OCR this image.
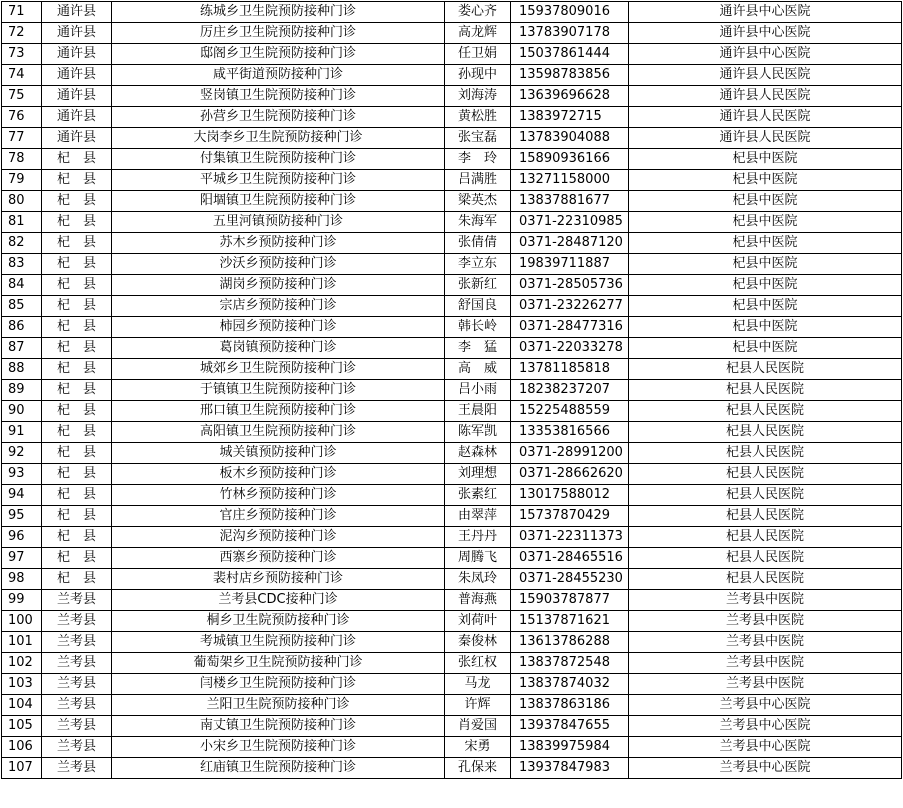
71	通许县	练城乡卫生院预防接种门诊	娄心齐	15937809016	通许县中心医院
72	通许县	厉庄乡卫生院预防接种门诊	高龙辉	13783907178	通许县中心医院
73	通许县	邸阁乡卫生院预防接种门诊	任卫娟	15037861444	通许县中心医院
74	通许县	咸平街道预防接种门诊	孙现中	13598783856	通许县人民医院
75	通许县	竖岗镇卫生院预防接种门诊	刘海涛	13639696628	通许县人民医院
76	通许县	孙营乡卫生院预防接种门诊	黄松胜	1383972715	通许县人民医院
77	通许县	大岗李乡卫生院预防接种门诊	张宝磊	13783904088	通许县人民医院
78	杞　县	付集镇卫生院预防接种门诊	李　玲	15890936166	杞县中医院
79	杞　县	平城乡卫生院预防接种门诊	吕满胜	13271158000	杞县中医院
80	杞　县	阳堌镇卫生院预防接种门诊	梁英杰	13837881677	杞县中医院
81	杞　县	五里河镇预防接种门诊	朱海军	0371-22310985	杞县中医院
82	杞　县	苏木乡预防接种门诊	张倩倩	0371-28487120	杞县中医院
83	杞　县	沙沃乡预防接种门诊	李立东	19839711887	杞县中医院
84	杞　县	湖岗乡预防接种门诊	张新红	0371-28505736	杞县中医院
85	杞　县	宗店乡预防接种门诊	舒国良	0371-23226277	杞县中医院
86	杞　县	柿园乡预防接种门诊	韩长岭	0371-28477316	杞县中医院
87	杞　县	葛岗镇预防接种门诊	李　猛	0371-22033278	杞县中医院
88	杞　县	城郊乡卫生院预防接种门诊	高　威	13781185818	杞县人民医院
89	杞　县	于镇镇卫生院预防接种门诊	吕小雨	18238237207	杞县人民医院
90	杞　县	邢口镇卫生院预防接种门诊	王晨阳	15225488559	杞县人民医院
91	杞　县	高阳镇卫生院预防接种门诊	陈军凯	13353816566	杞县人民医院
92	杞　县	城关镇预防接种门诊	赵森林	0371-28991200	杞县人民医院
93	杞　县	板木乡预防接种门诊	刘理想	0371-28662620	杞县人民医院
94	杞　县	竹林乡预防接种门诊	张素红	13017588012	杞县人民医院
95	杞　县	官庄乡预防接种门诊	由翠萍	15737870429	杞县人民医院
96	杞　县	泥沟乡预防接种门诊	王丹丹	0371-22311373	杞县人民医院
97	杞　县	西寨乡预防接种门诊	周腾飞	0371-28465516	杞县人民医院
98	杞　县	裴村店乡预防接种门诊	朱凤玲	0371-28455230	杞县人民医院
99	兰考县	兰考县CDC接种门诊	普海燕	15903787877	兰考县中医院
100	兰考县	桐乡卫生院预防接种门诊	刘荷叶	15137871621	兰考县中医院
101	兰考县	考城镇卫生院预防接种门诊	秦俊林	13613786288	兰考县中医院
102	兰考县	葡萄架乡卫生院预防接种门诊	张红权	13837872548	兰考县中医院
103	兰考县	闫楼乡卫生院预防接种门诊	马龙	13837874032	兰考县中医院
104	兰考县	兰阳卫生院预防接种门诊	许辉	13837863186	兰考县中心医院
105	兰考县	南丈镇卫生院预防接种门诊	肖爱国	13937847655	兰考县中心医院
106	兰考县	小宋乡卫生院预防接种门诊	宋勇	13839975984	兰考县中心医院
107	兰考县	红庙镇卫生院预防接种门诊	孔保来	13937847983	兰考县中心医院
